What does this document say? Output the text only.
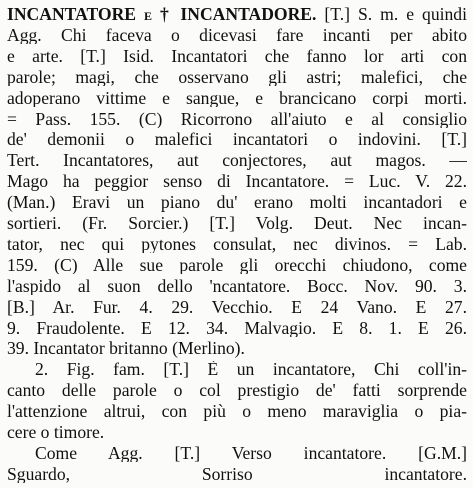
INCANTATORE e † INCANTADORE. [T.] S. m. e quindi
Agg. Chi faceva o dicevasi fare incanti per abito
e arte. [T.] Isid. Incantatori che fanno lor arti con
parole; magi, che osservano gli astri; malefici, che
adoperano vittime e sangue, e brancicano corpi morti.
= Pass. 155. (C) Ricorrono all'aiuto e al consiglio
de' demonii o malefici incantatori o indovini. [T.]
Tert. Incantatores, aut conjectores, aut magos. —
Mago ha peggior senso di Incantatore. = Luc. V. 22.
(Man.) Eravi un piano du' erano molti incantadori e
sortieri. (Fr. Sorcier.) [T.] Volg. Deut. Nec incan-
tator, nec qui pytones consulat, nec divinos. = Lab.
159. (C) Alle sue parole gli orecchi chiudono, come
l'aspido al suon dello 'ncantatore. Bocc. Nov. 90. 3.
[B.] Ar. Fur. 4. 29. Vecchio. E 24 Vano. E 27.
9. Fraudolente. E 12. 34. Malvagio. E 8. 1. E 26.
39. Incantator britanno (Merlino).
2. Fig. fam. [T.] È un incantatore, Chi coll'in-
canto delle parole o col prestigio de' fatti sorprende
l'attenzione altrui, con più o meno maraviglia o pia-
cere o timore.
Come Agg. [T.] Verso incantatore. [G.M.]
Sguardo, Sorriso incantatore.
